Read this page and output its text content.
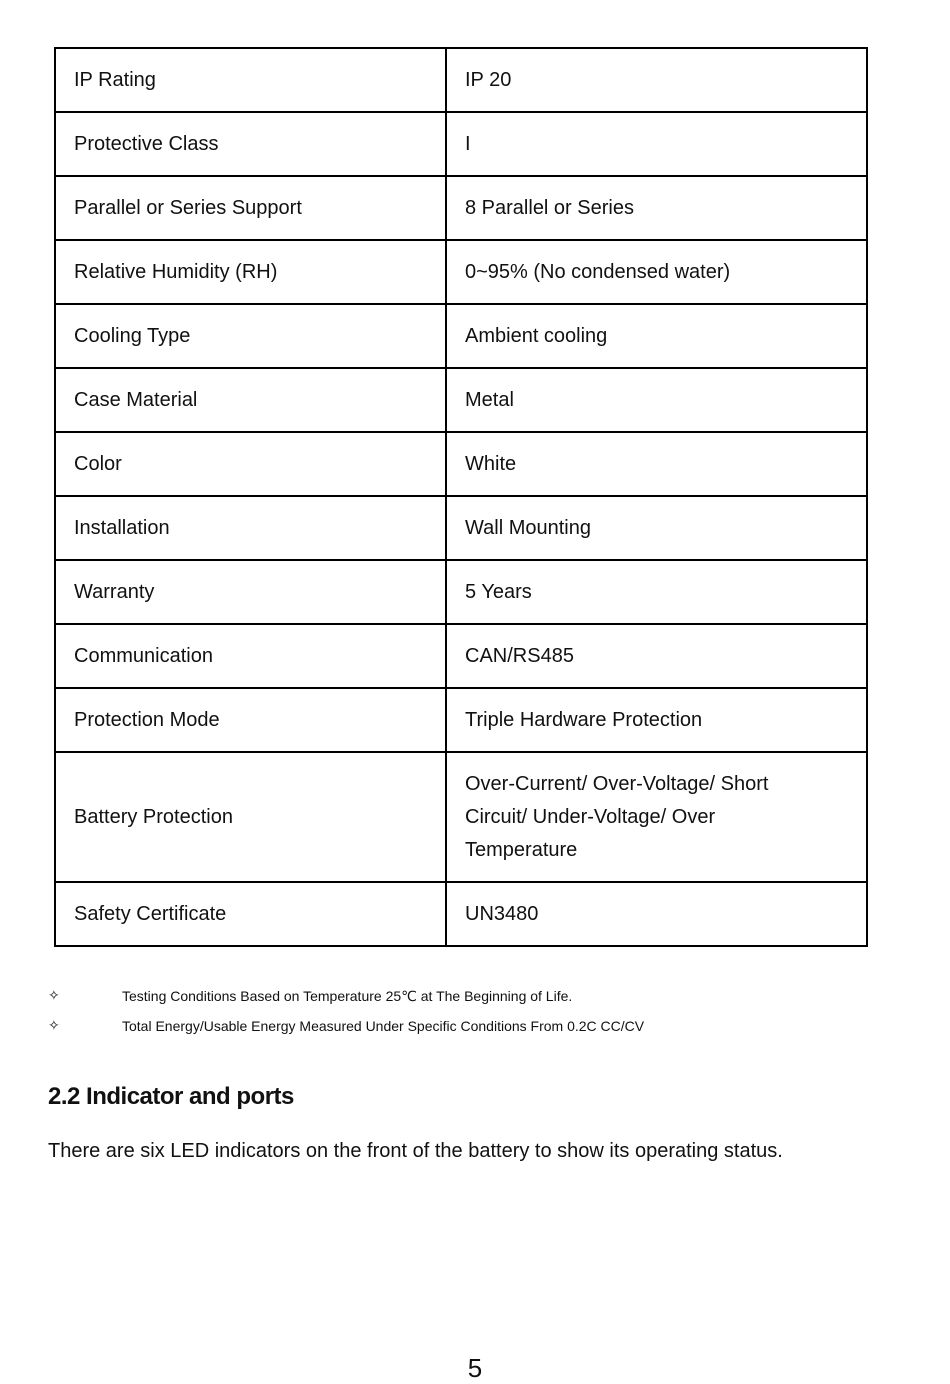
IP Rating	IP 20
Protective Class	I
Parallel or Series Support	8 Parallel or Series
Relative Humidity (RH)	0~95% (No condensed water)
Cooling Type	Ambient cooling
Case Material	Metal
Color	White
Installation	Wall Mounting
Warranty	5 Years
Communication	CAN/RS485
Protection Mode	Triple Hardware Protection
Battery Protection	Over-Current/ Over-Voltage/ Short
Circuit/ Under-Voltage/ Over
Temperature

Safety Certificate	UN3480
✧	Testing Conditions Based on Temperature 25℃ at The Beginning of Life.
✧	Total Energy/Usable Energy Measured Under Specific Conditions From 0.2C CC/CV
2.2 Indicator and ports

There are six LED indicators on the front of the battery to show its operating status.

5
